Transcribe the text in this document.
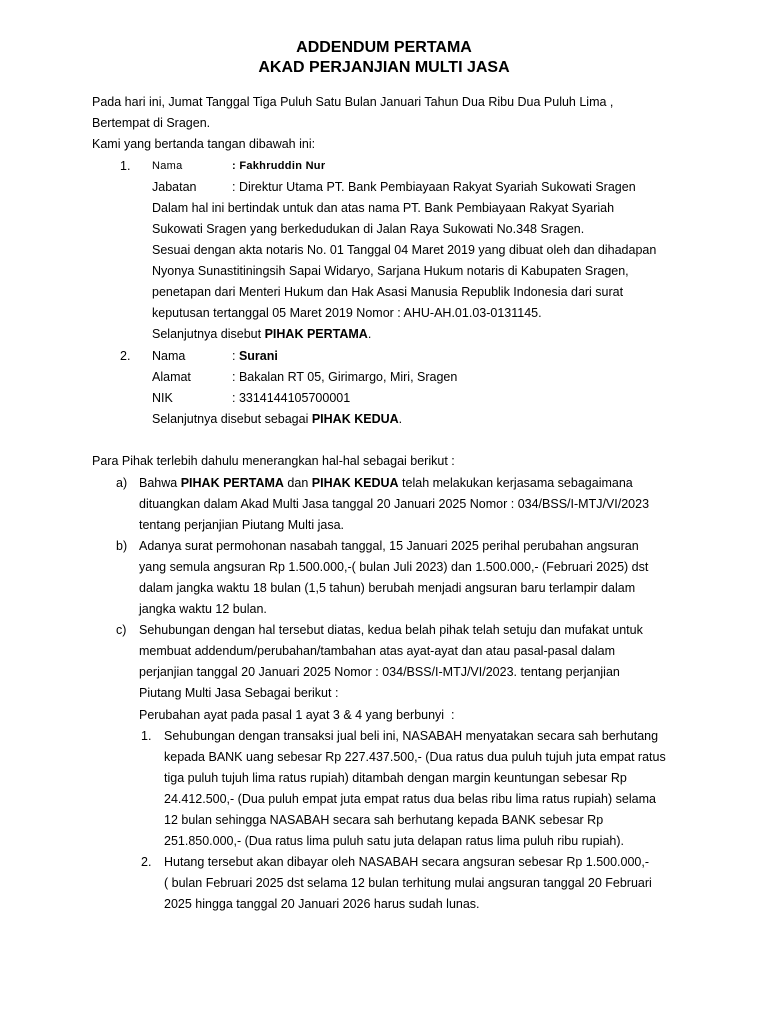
ADDENDUM PERTAMA
AKAD PERJANJIAN MULTI JASA
Pada hari ini, Jumat Tanggal Tiga Puluh Satu Bulan Januari Tahun Dua Ribu Dua Puluh Lima ,
Bertempat di Sragen.
Kami yang bertanda tangan dibawah ini:
1. Nama	: Fakhruddin Nur
Jabatan	: Direktur Utama PT. Bank Pembiayaan Rakyat Syariah Sukowati Sragen
Dalam hal ini bertindak untuk dan atas nama PT. Bank Pembiayaan Rakyat Syariah
Sukowati Sragen yang berkedudukan di Jalan Raya Sukowati No.348 Sragen.
Sesuai dengan akta notaris No. 01 Tanggal 04 Maret 2019 yang dibuat oleh dan dihadapan
Nyonya Sunastitiningsih Sapai Widaryo, Sarjana Hukum notaris di Kabupaten Sragen,
penetapan dari Menteri Hukum dan Hak Asasi Manusia Republik Indonesia dari surat
keputusan tertanggal 05 Maret 2019 Nomor : AHU-AH.01.03-0131145.
Selanjutnya disebut PIHAK PERTAMA.
2. Nama	: Surani
Alamat	: Bakalan RT 05, Girimargo, Miri, Sragen
NIK	: 3314144105700001
Selanjutnya disebut sebagai PIHAK KEDUA.
Para Pihak terlebih dahulu menerangkan hal-hal sebagai berikut :
a) Bahwa PIHAK PERTAMA dan PIHAK KEDUA telah melakukan kerjasama sebagaimana
dituangkan dalam Akad Multi Jasa tanggal 20 Januari 2025 Nomor : 034/BSS/I-MTJ/VI/2023
tentang perjanjian Piutang Multi jasa.
b) Adanya surat permohonan nasabah tanggal, 15 Januari 2025 perihal perubahan angsuran
yang semula angsuran Rp 1.500.000,-( bulan Juli 2023) dan 1.500.000,- (Februari 2025) dst
dalam jangka waktu 18 bulan (1,5 tahun) berubah menjadi angsuran baru terlampir dalam
jangka waktu 12 bulan.
c) Sehubungan dengan hal tersebut diatas, kedua belah pihak telah setuju dan mufakat untuk
membuat addendum/perubahan/tambahan atas ayat-ayat dan atau pasal-pasal dalam
perjanjian tanggal 20 Januari 2025 Nomor : 034/BSS/I-MTJ/VI/2023. tentang perjanjian
Piutang Multi Jasa Sebagai berikut :
Perubahan ayat pada pasal 1 ayat 3 & 4 yang berbunyi  :
1. Sehubungan dengan transaksi jual beli ini, NASABAH menyatakan secara sah berhutang
kepada BANK uang sebesar Rp 227.437.500,- (Dua ratus dua puluh tujuh juta empat ratus
tiga puluh tujuh lima ratus rupiah) ditambah dengan margin keuntungan sebesar Rp
24.412.500,- (Dua puluh empat juta empat ratus dua belas ribu lima ratus rupiah) selama
12 bulan sehingga NASABAH secara sah berhutang kepada BANK sebesar Rp
251.850.000,- (Dua ratus lima puluh satu juta delapan ratus lima puluh ribu rupiah).
2. Hutang tersebut akan dibayar oleh NASABAH secara angsuran sebesar Rp 1.500.000,-
( bulan Februari 2025 dst selama 12 bulan terhitung mulai angsuran tanggal 20 Februari
2025 hingga tanggal 20 Januari 2026 harus sudah lunas.
